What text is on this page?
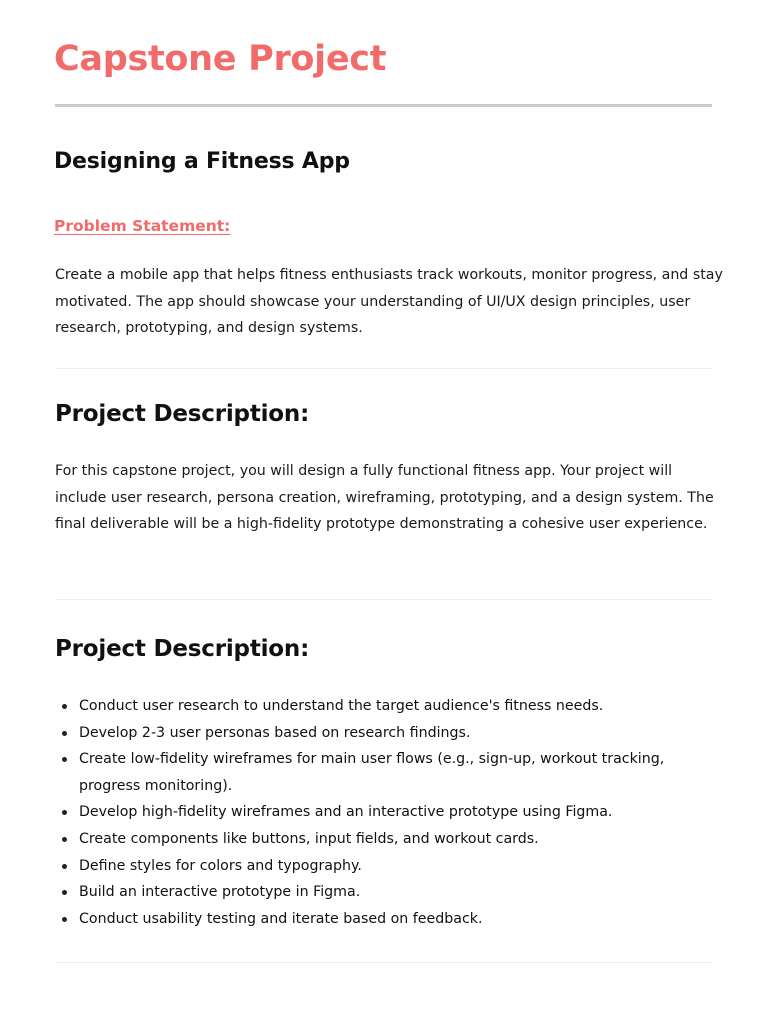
Capstone Project
Designing a Fitness App
Problem Statement:

Create a mobile app that helps fitness enthusiasts track workouts, monitor progress, and stay motivated. The app should showcase your understanding of UI/UX design principles, user research, prototyping, and design systems.

Project Description:

For this capstone project, you will design a fully functional fitness app. Your project will include user research, persona creation, wireframing, prototyping, and a design system. The final deliverable will be a high-fidelity prototype demonstrating a cohesive user experience.

Project Description:
Conduct user research to understand the target audience's fitness needs.
Develop 2-3 user personas based on research findings.
Create low-fidelity wireframes for main user flows (e.g., sign-up, workout tracking, progress monitoring).
Develop high-fidelity wireframes and an interactive prototype using Figma.
Create components like buttons, input fields, and workout cards.
Define styles for colors and typography.
Build an interactive prototype in Figma.
Conduct usability testing and iterate based on feedback.
